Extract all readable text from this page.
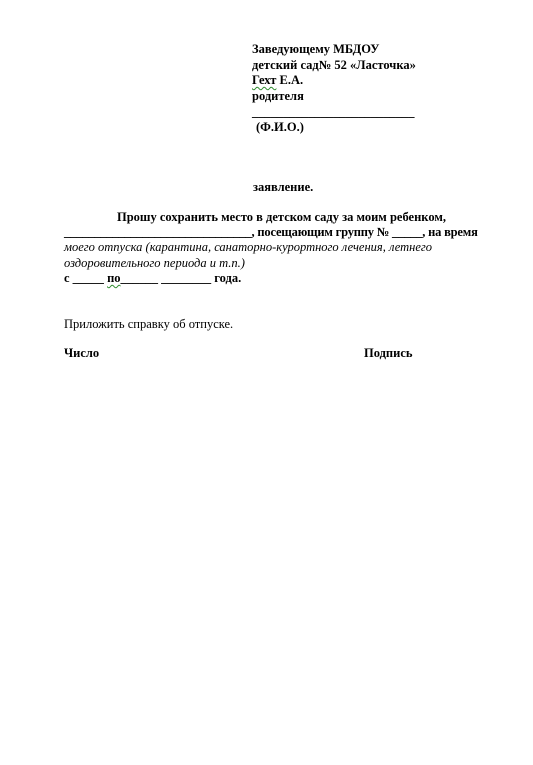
Заведующему МБДОУ
детский сад№ 52 «Ласточка»
Гехт Е.А.
родителя
__________________________
(Ф.И.О.)
заявление.
Прошу сохранить место в детском саду за моим ребенком,
_______________________________, посещающим группу № _____, на время
моего отпуска (карантина, санаторно-курортного лечения, летнего
оздоровительного периода и т.п.)
с _____ по______ ________ года.
Приложить справку об отпуске.
Число	Подпись
